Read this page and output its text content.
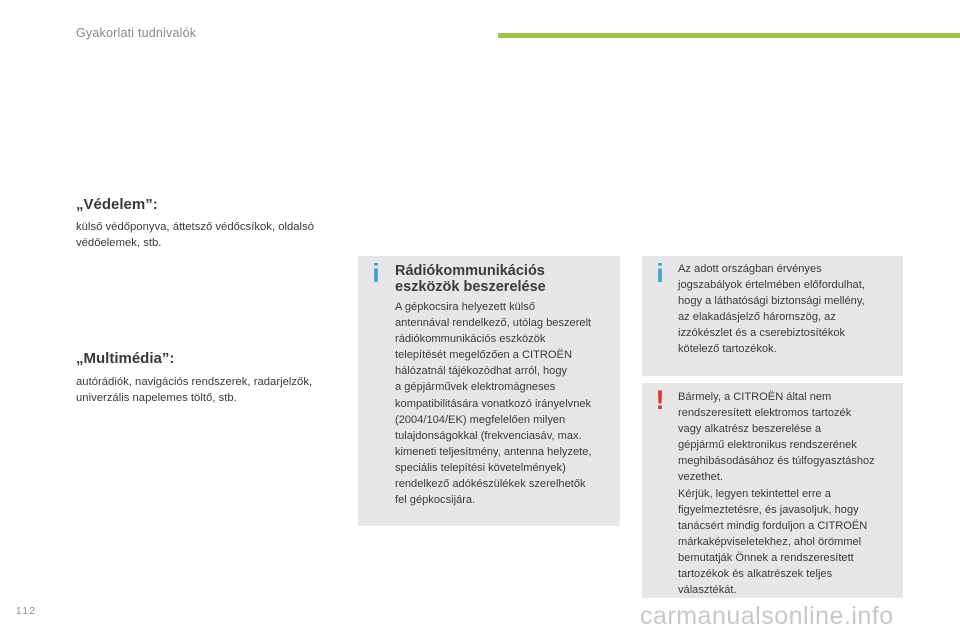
Gyakorlati tudnivalók
„Védelem”:
külső védőponyva, áttetsző védőcsíkok, oldalsó
védőelemek, stb.
„Multimédia”:
autórádiók, navigációs rendszerek, radarjelzők,
univerzális napelemes töltő, stb.
i	Rádiókommunikációs
eszközök beszerelése
A gépkocsira helyezett külső
antennával rendelkező, utólag beszerelt
rádiókommunikációs eszközök
telepítését megelőzően a CITROËN
hálózatnál tájékozódhat arról, hogy
a gépjárművek elektromágneses
kompatibilitására vonatkozó irányelvnek
(2004/104/EK) megfelelően milyen
tulajdonságokkal (frekvenciasáv, max.
kimeneti teljesítmény, antenna helyzete,
speciális telepítési követelmények)
rendelkező adókészülékek szerelhetők
fel gépkocsijára.
i	Az adott országban érvényes
jogszabályok értelmében előfordulhat,
hogy a láthatósági biztonsági mellény,
az elakadásjelző háromszög, az
izzókészlet és a cserebiztosítékok
kötelező tartozékok.
!	Bármely, a CITROËN által nem
rendszeresített elektromos tartozék
vagy alkatrész beszerelése a
gépjármű elektronikus rendszerének
meghibásodásához és túlfogyasztáshoz
vezethet.
Kérjük, legyen tekintettel erre a
figyelmeztetésre, és javasoljuk, hogy
tanácsért mindig forduljon a CITROËN
márkaképviseletekhez, ahol örömmel
bemutatják Önnek a rendszeresített
tartozékok és alkatrészek teljes
választékát.
112	carmanualsonline.info
